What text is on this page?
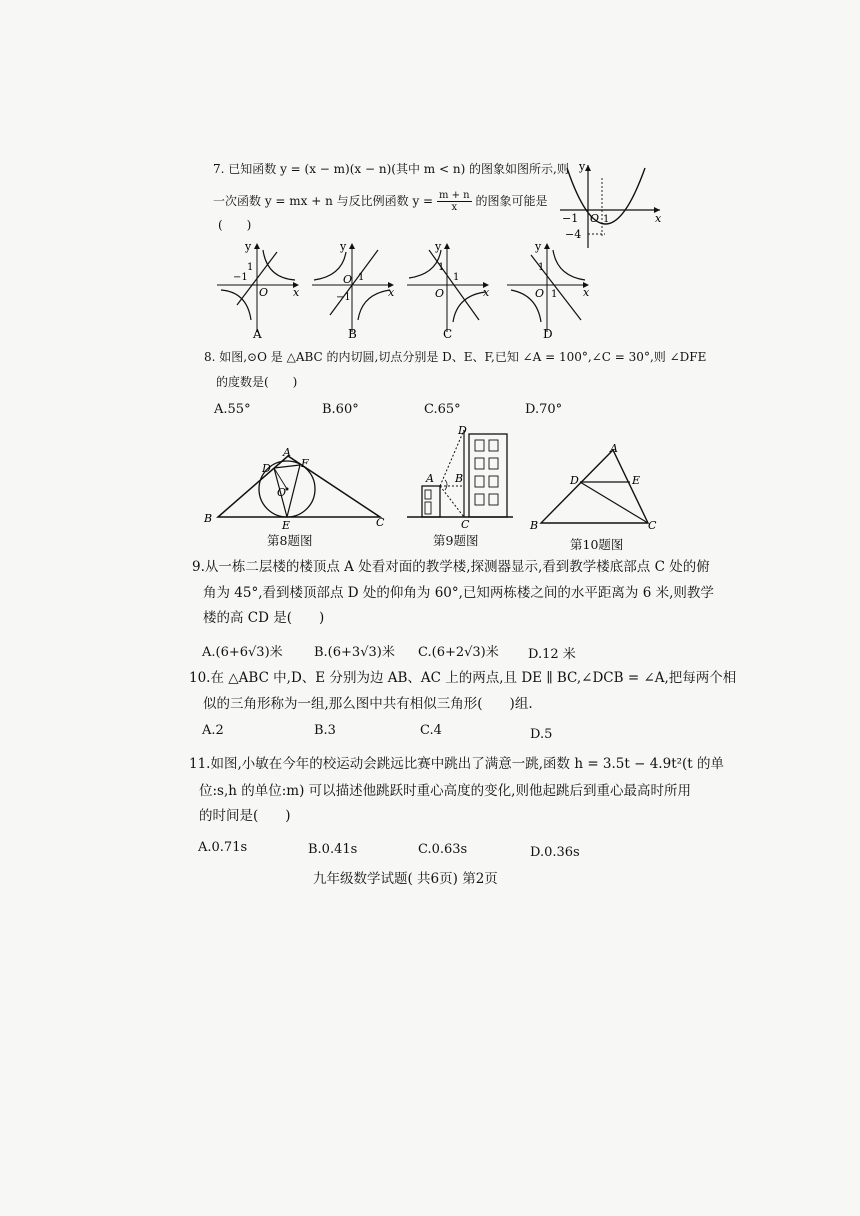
7. 已知函数 y = (x − m)(x − n)(其中 m < n) 的图象如图所示,则
一次函数 y = mx + n 与反比例函数 $y = \frac{m + n}{x}$ 的图象可能是
(　　)
y
x
−1 O 1
−4
y
x
O
1
−1
A
y
x
O 1
−1
B
y
x
O
1
1
C
y
x
O
1
1
D
8. 如图,⊙O 是 △ABC 的内切圆,切点分别是 D、E、F,已知 ∠A = 100°,∠C = 30°,则 ∠DFE
的度数是(　　)
A.55°	B.60°	C.65°	D.70°
A
B	C
D
E
F
O
第8题图
A B
C
D
第9题图
A
B	C
D	E
第10题图
9.从一栋二层楼的楼顶点 A 处看对面的教学楼,探测器显示,看到教学楼底部点 C 处的俯
角为 45°,看到楼顶部点 D 处的仰角为 60°,已知两栋楼之间的水平距离为 6 米,则教学
楼的高 CD 是(　　)
A.(6+6√3)米 B.(6+3√3)米 C.(6+2√3)米 D.12 米
10.在 △ABC 中,D、E 分别为边 AB、AC 上的两点,且 DE ∥ BC,∠DCB = ∠A,把每两个相
似的三角形称为一组,那么图中共有相似三角形(　　)组.
A.2	B.3	C.4	D.5
11.如图,小敏在今年的校运动会跳远比赛中跳出了满意一跳,函数 h = 3.5t − 4.9t²(t 的单
位:s,h 的单位:m) 可以描述他跳跃时重心高度的变化,则他起跳后到重心最高时所用
的时间是(　　)
A.0.71s	B.0.41s	C.0.63s	D.0.36s
九年级数学试题( 共6页) 第2页
